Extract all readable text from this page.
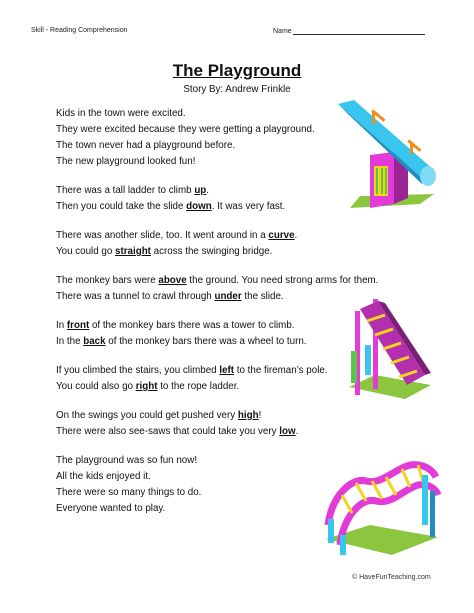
Skill - Reading Comprehension	Name
The Playground
Story By: Andrew Frinkle
Kids in the town were excited.
They were excited because they were getting a playground.
The town never had a playground before.
The new playground looked fun!
There was a tall ladder to climb up.
Then you could take the slide down. It was very fast.
There was another slide, too. It went around in a curve.
You could go straight across the swinging bridge.
The monkey bars were above the ground. You need strong arms for them.
There was a tunnel to crawl through under the slide.
In front of the monkey bars there was a tower to climb.
In the back of the monkey bars there was a wheel to turn.
If you climbed the stairs, you climbed left to the fireman’s pole.
You could also go right to the rope ladder.
On the swings you could get pushed very high!
There were also see-saws that could take you very low.
The playground was so fun now!
All the kids enjoyed it.
There were so many things to do.
Everyone wanted to play.
© HaveFunTeaching.com
